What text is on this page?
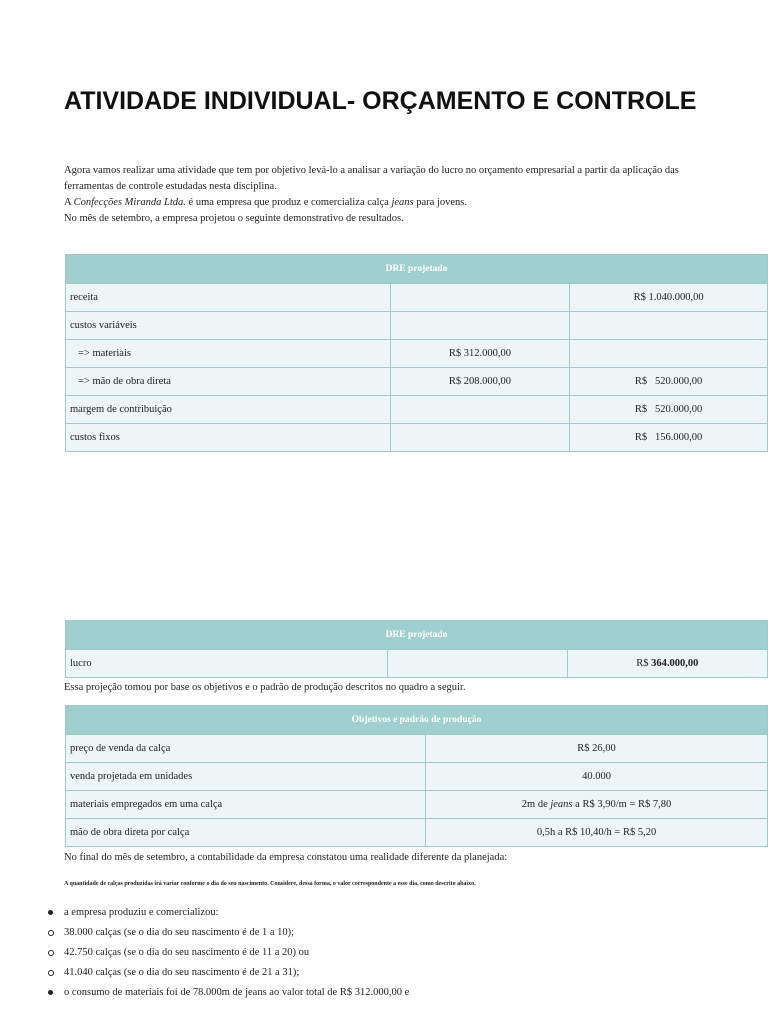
ATIVIDADE INDIVIDUAL- ORÇAMENTO E CONTROLE

Agora vamos realizar uma atividade que tem por objetivo levá-lo a analisar a variação do lucro no orçamento empresarial a partir da aplicação das ferramentas de controle estudadas nesta disciplina.

A Confecções Miranda Ltda. é uma empresa que produz e comercializa calça jeans para jovens.

No mês de setembro, a empresa projetou o seguinte demonstrativo de resultados.

DRE projetado		
receita		R$ 1.040.000,00
custos variáveis		
=> materiais	R$ 312.000,00	
=> mão de obra direta	R$ 208.000,00	R$   520.000,00
margem de contribuição		R$   520.000,00
custos fixos		R$   156.000,00
DRE projetado
lucro		R$ 364.000,00
Essa projeção tomou por base os objetivos e o padrão de produção descritos no quadro a seguir.
Objetivos e padrão de produção	
preço de venda da calça	R$ 26,00
venda projetada em unidades	40.000
materiais empregados em uma calça	2m de jeans a R$ 3,90/m = R$ 7,80
mão de obra direta por calça	0,5h a R$ 10,40/h = R$ 5,20
No final do mês de setembro, a contabilidade da empresa constatou uma realidade diferente da planejada:
A quantidade de calças produzidas irá variar conforme o dia do seu nascimento. Considere, dessa forma, o valor correspondente a esse dia, como descrito abaixo.
a empresa produziu e comercializou:
38.000 calças (se o dia do seu nascimento é de 1 a 10);
42.750 calças (se o dia do seu nascimento é de 11 a 20) ou
41.040 calças (se o dia do seu nascimento é de 21 a 31);
o consumo de materiais foi de 78.000m de jeans ao valor total de R$ 312.000,00 e
